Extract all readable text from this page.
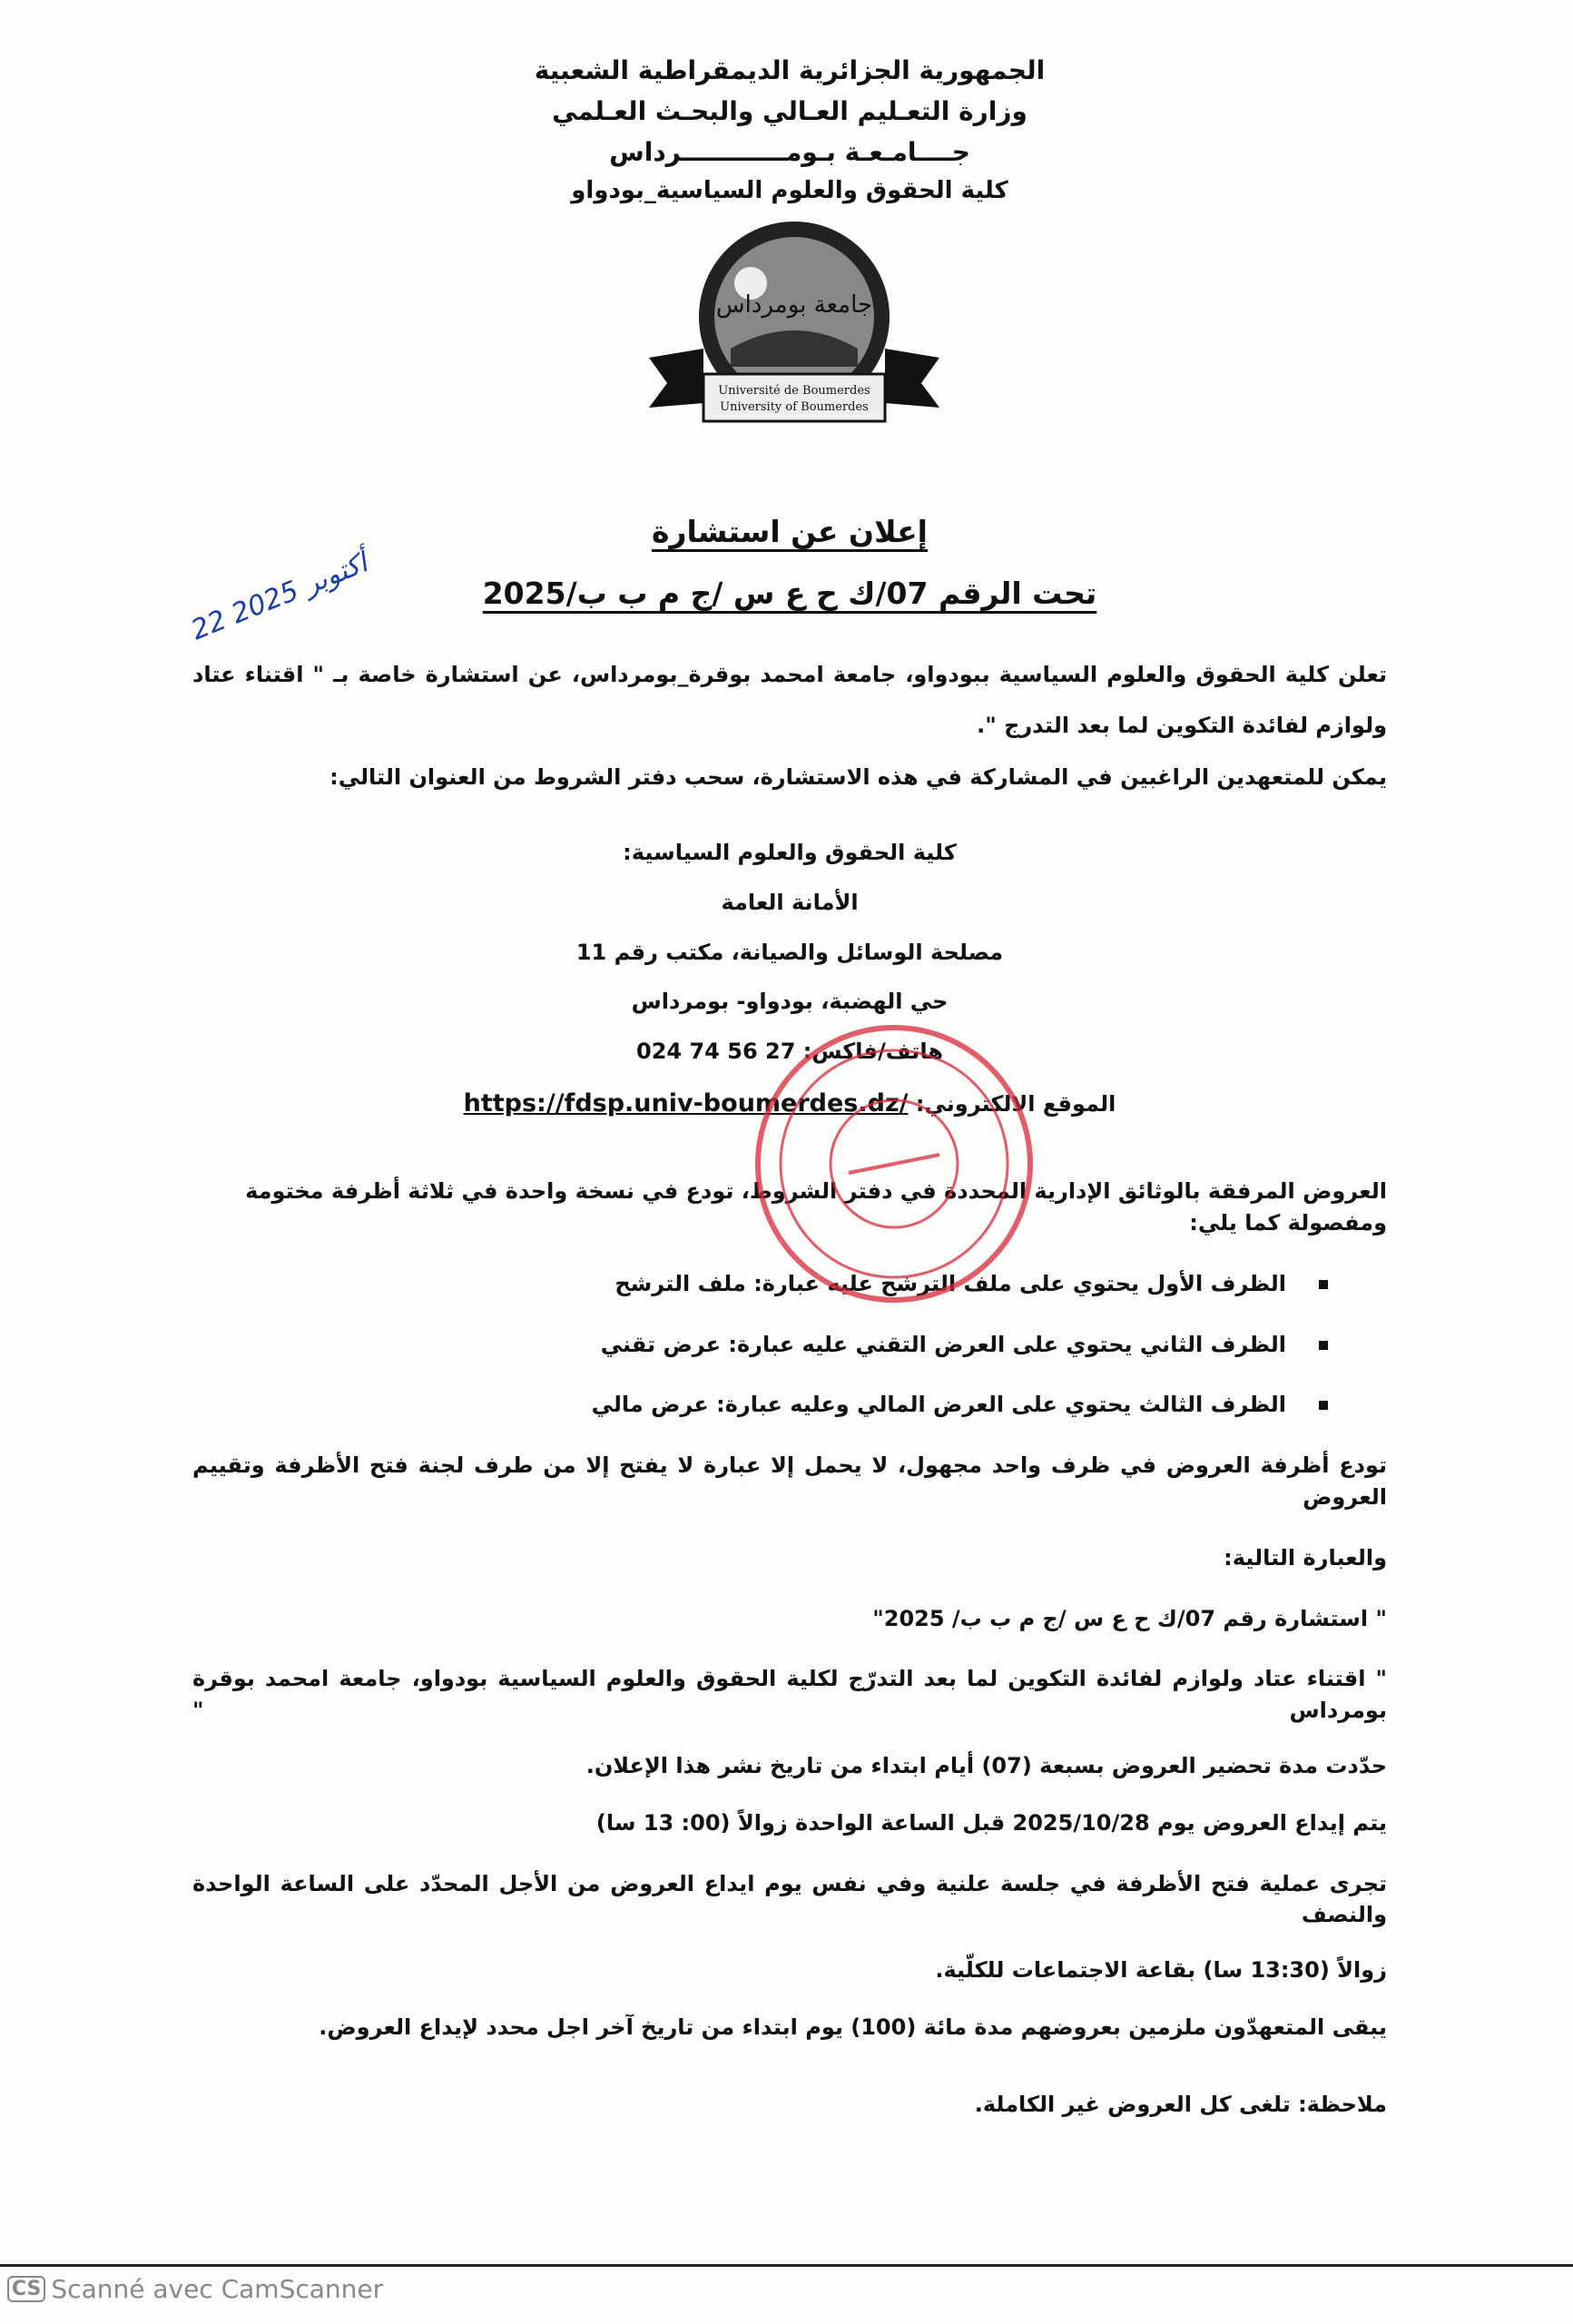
الجمهورية الجزائرية الديمقراطية الشعبية
وزارة التعـليم العـالي والبحـث العـلمي
جــــامـعـة بـومــــــــــــرداس
كلية الحقوق والعلوم السياسية_بودواو
جامعة بومرداس
Université de Boumerdes
University of Boumerdes
إعلان عن استشارة
تحت الرقم 07/ك ح ع س /ج م ب ب/2025
تعلن كلية الحقوق والعلوم السياسية ببودواو، جامعة امحمد بوقرة_بومرداس، عن استشارة خاصة بـ " اقتناء عتاد
ولوازم لفائدة التكوين لما بعد التدرج ".
يمكن للمتعهدين الراغبين في المشاركة في هذه الاستشارة، سحب دفتر الشروط من العنوان التالي:
كلية الحقوق والعلوم السياسية:
الأمانة العامة
مصلحة الوسائل والصيانة، مكتب رقم 11
حي الهضبة، بودواو- بومرداس
هاتف/فاكس: 024 74 56 27
الموقع الالكتروني: https://fdsp.univ-boumerdes.dz/
العروض المرفقة بالوثائق الإدارية المحددة في دفتر الشروط، تودع في نسخة واحدة في ثلاثة أظرفة مختومة ومفصولة كما يلي:
الظرف الأول يحتوي على ملف الترشح عليه عبارة: ملف الترشح
الظرف الثاني يحتوي على العرض التقني عليه عبارة: عرض تقني
الظرف الثالث يحتوي على العرض المالي وعليه عبارة: عرض مالي
تودع أظرفة العروض في ظرف واحد مجهول، لا يحمل إلا عبارة لا يفتح إلا من طرف لجنة فتح الأظرفة وتقييم العروض
والعبارة التالية:
" استشارة رقم 07/ك ح ع س /ج م ب ب/ 2025"
" اقتناء عتاد ولوازم لفائدة التكوين لما بعد التدرّج لكلية الحقوق والعلوم السياسية بودواو، جامعة امحمد بوقرة بومرداس "
حدّدت مدة تحضير العروض بسبعة (07) أيام ابتداء من تاريخ نشر هذا الإعلان.
يتم إيداع العروض يوم 2025/10/28 قبل الساعة الواحدة زوالاً (00: 13 سا)
تجرى عملية فتح الأظرفة في جلسة علنية وفي نفس يوم ايداع العروض من الأجل المحدّد على الساعة الواحدة والنصف
زوالاً (13:30 سا) بقاعة الاجتماعات للكلّية.
يبقى المتعهدّون ملزمين بعروضهم مدة مائة (100) يوم ابتداء من تاريخ آخر اجل محدد لإيداع العروض.
ملاحظة: تلغى كل العروض غير الكاملة.
22 أكتوبر 2025
CS Scanné avec CamScanner
